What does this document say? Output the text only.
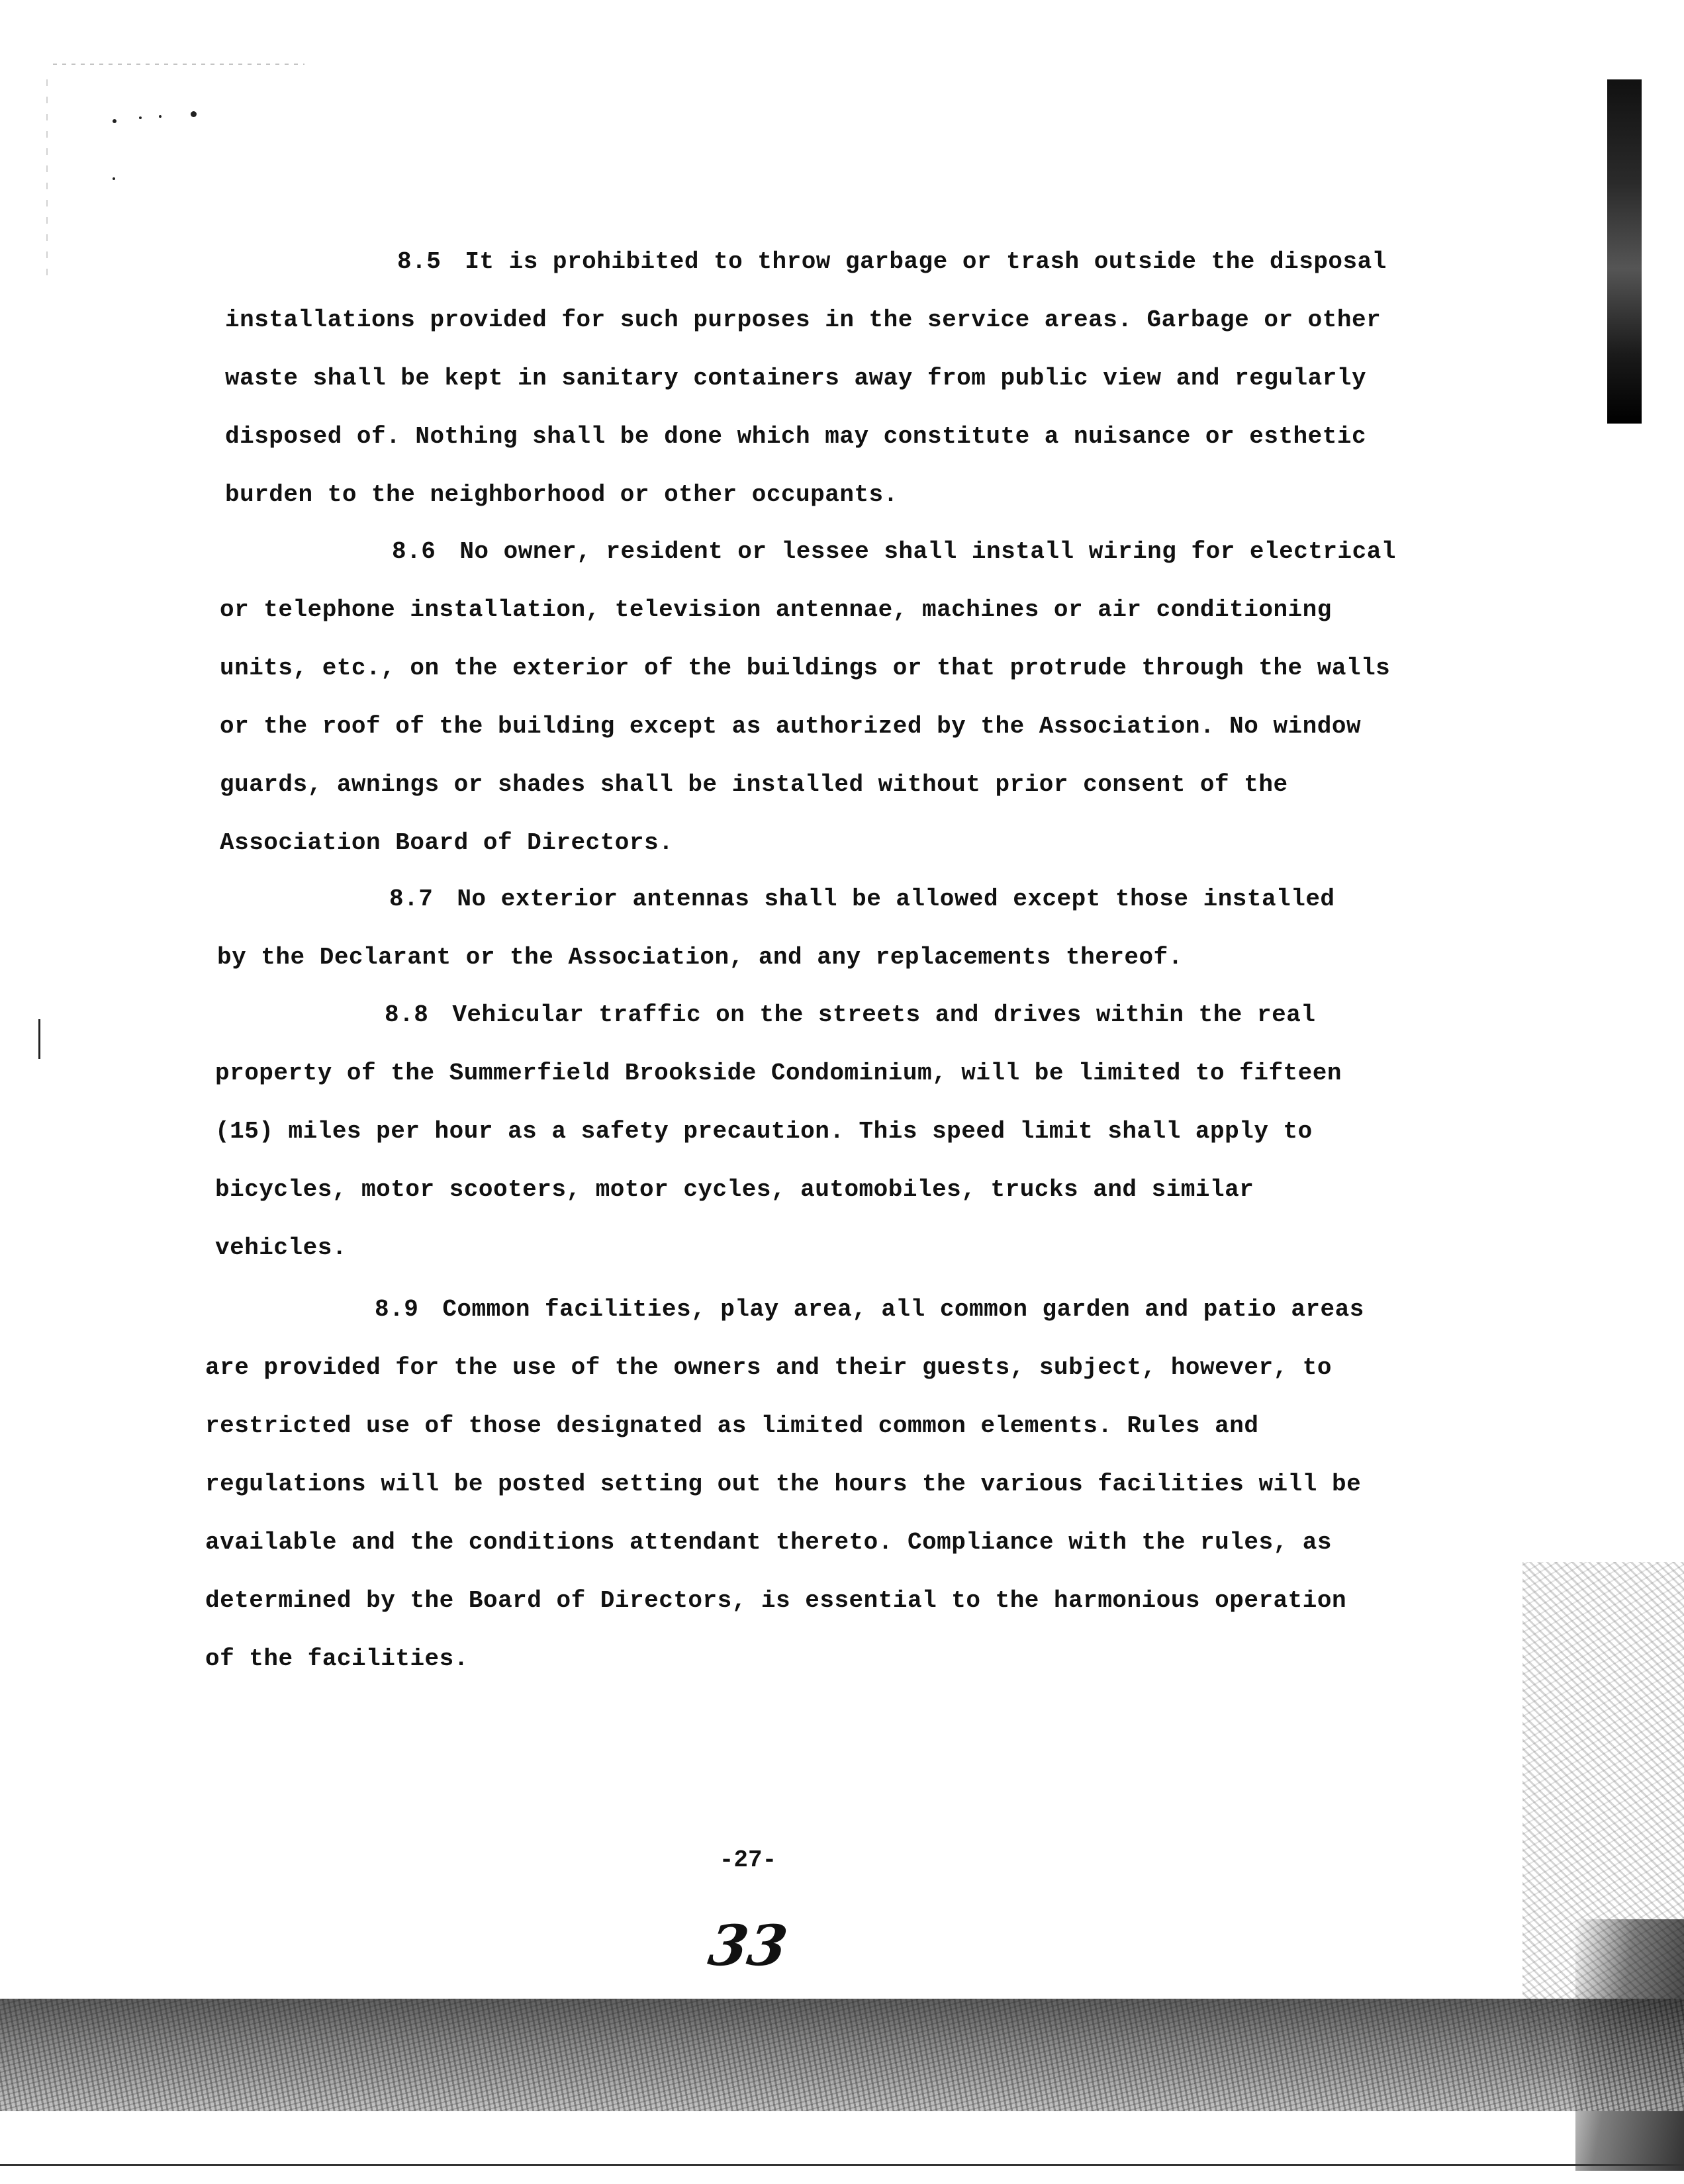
8.5 It is prohibited to throw garbage or trash outside the disposal installations provided for such purposes in the service areas. Garbage or other waste shall be kept in sanitary containers away from public view and regularly disposed of. Nothing shall be done which may constitute a nuisance or esthetic burden to the neighborhood or other occupants.

8.6 No owner, resident or lessee shall install wiring for electrical or telephone installation, television antennae, machines or air conditioning units, etc., on the exterior of the buildings or that protrude through the walls or the roof of the building except as authorized by the Association. No window guards, awnings or shades shall be installed without prior consent of the Association Board of Directors.

8.7 No exterior antennas shall be allowed except those installed by the Declarant or the Association, and any replacements thereof.

8.8 Vehicular traffic on the streets and drives within the real property of the Summerfield Brookside Condominium, will be limited to fifteen (15) miles per hour as a safety precaution. This speed limit shall apply to bicycles, motor scooters, motor cycles, automobiles, trucks and similar vehicles.

8.9 Common facilities, play area, all common garden and patio areas are provided for the use of the owners and their guests, subject, however, to restricted use of those designated as limited common elements. Rules and regulations will be posted setting out the hours the various facilities will be available and the conditions attendant thereto. Compliance with the rules, as determined by the Board of Directors, is essential to the harmonious operation of the facilities.

-27-
33
